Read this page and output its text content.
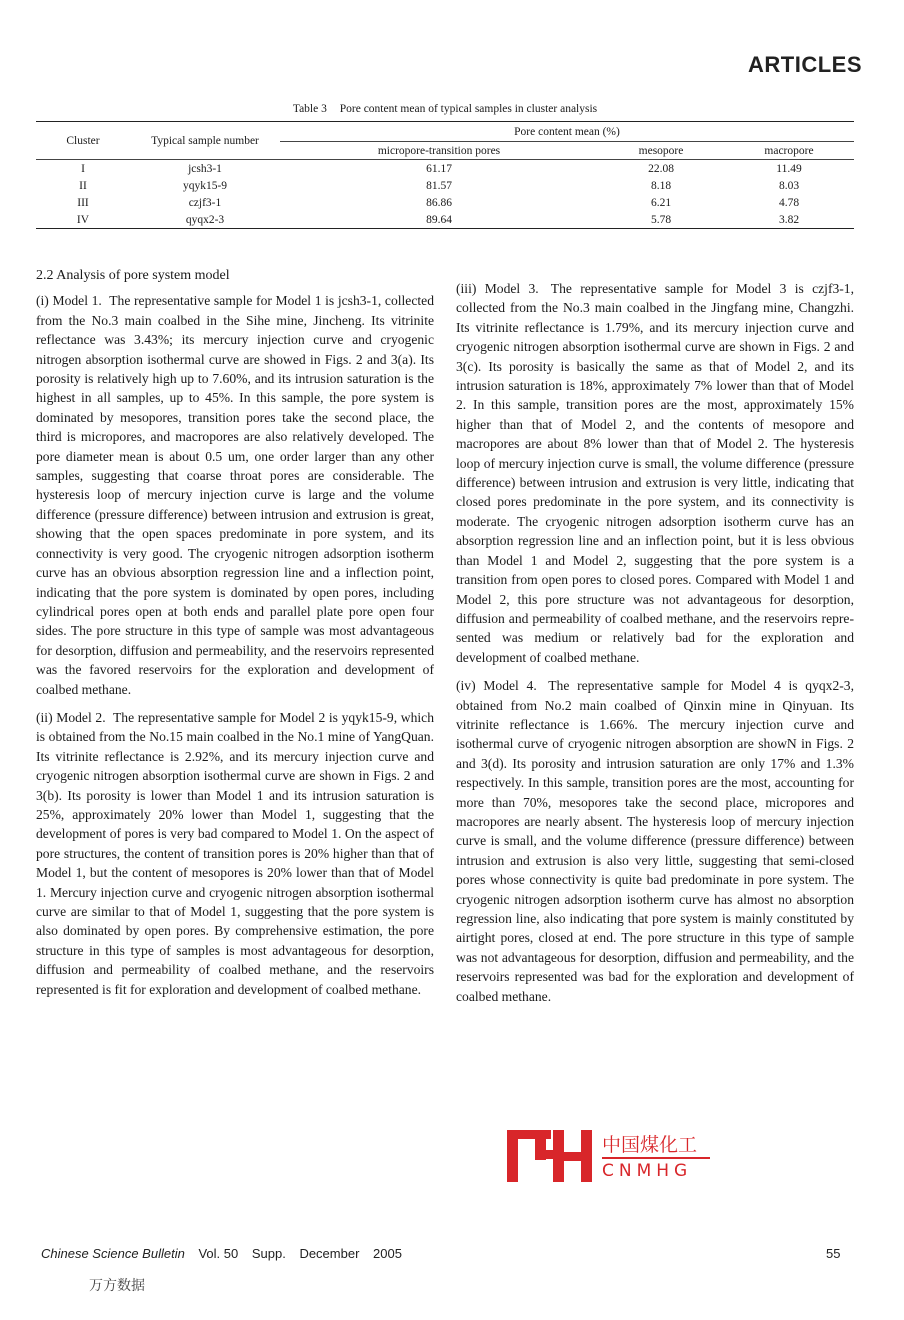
ARTICLES
Table 3 Pore content mean of typical samples in cluster analysis
Cluster	Typical sample number	Pore content mean (%)		
		micropore-transition pores	mesopore	macropore
I	jcsh3-1	61.17	22.08	11.49
II	yqyk15-9	81.57	8.18	8.03
III	czjf3-1	86.86	6.21	4.78
IV	qyqx2-3	89.64	5.78	3.82

2.2 Analysis of pore system model

(i) Model 1. The representative sample for Model 1 is jcsh3-1, collected from the No.3 main coalbed in the Sihe mine, Jincheng. Its vitrinite reflectance was 3.43%; its mercury injection curve and cryogenic nitrogen absorption isothermal curve are showed in Figs. 2 and 3(a). Its porosity is relatively high up to 7.60%, and its intrusion saturation is the highest in all samples, up to 45%. In this sample, the pore system is dominated by mesopores, transition pores take the second place, the third is micropores, and macropores are also relatively developed. The pore diameter mean is about 0.5 um, one order larger than any other samples, suggesting that coarse throat pores are considerable. The hysteresis loop of mercury injection curve is large and the volume difference (pressure difference) between intrusion and extrusion is great, showing that the open spaces predominate in pore system, and its connectivity is very good. The cryogenic nitrogen adsorption isotherm curve has an obvious absorption regression line and a inflection point, indicating that the pore system is dominated by open pores, including cylindrical pores open at both ends and parallel plate pore open four sides. The pore structure in this type of sample was most advantageous for desorption, diffusion and permeability, and the reservoirs represented was the favored reservoirs for the exploration and development of coalbed methane.

(ii) Model 2. The representative sample for Model 2 is yqyk15-9, which is obtained from the No.15 main coalbed in the No.1 mine of YangQuan. Its vitrinite reflectance is 2.92%, and its mercury injection curve and cryogenic nitrogen absorption isothermal curve are shown in Figs. 2 and 3(b). Its porosity is lower than Model 1 and its intrusion saturation is 25%, approximately 20% lower than Model 1, suggesting that the development of pores is very bad compared to Model 1. On the aspect of pore structures, the content of transition pores is 20% higher than that of Model 1, but the content of mesopores is 20% lower than that of Model 1. Mercury injection curve and cryogenic nitrogen absorption isothermal curve are similar to that of Model 1, suggesting that the pore system is also dominated by open pores. By comprehensive estimation, the pore structure in this type of samples is most advantageous for desorption, diffusion and permeability of coalbed methane, and the reservoirs represented is fit for exploration and development of coalbed methane.

(iii) Model 3. The representative sample for Model 3 is czjf3-1, collected from the No.3 main coalbed in the Jingfang mine, Changzhi. Its vitrinite reflectance is 1.79%, and its mercury injection curve and cryogenic nitrogen absorption isothermal curve are shown in Figs. 2 and 3(c). Its porosity is basically the same as that of Model 2, and its intrusion saturation is 18%, approximately 7% lower than that of Model 2. In this sample, transition pores are the most, approximately 15% higher than that of Model 2, and the contents of mesopore and macropores are about 8% lower than that of Model 2. The hysteresis loop of mercury injection curve is small, the volume difference (pressure difference) between intrusion and extrusion is very little, indicating that closed pores predominate in the pore system, and its connectivity is moderate. The cryogenic nitrogen adsorption isotherm curve has an absorption regression line and an inflection point, but it is less obvious than Model 1 and Model 2, suggesting that the pore system is a transition from open pores to closed pores. Compared with Model 1 and Model 2, this pore structure was not advantageous for desorption, diffusion and permeability of coalbed methane, and the reservoirs represented was medium or relatively bad for the exploration and development of coalbed methane.

(iv) Model 4. The representative sample for Model 4 is qyqx2-3, obtained from No.2 main coalbed of Qinxin mine in Qinyuan. Its vitrinite reflectance is 1.66%. The mercury injection curve and isothermal curve of cryogenic nitrogen absorption are showN in Figs. 2 and 3(d). Its porosity and intrusion saturation are only 17% and 1.3% respectively. In this sample, transition pores are the most, accounting for more than 70%, mesopores take the second place, micropores and macropores are nearly absent. The hysteresis loop of mercury injection curve is small, and the volume difference (pressure difference) between intrusion and extrusion is also very little, suggesting that semi-closed pores whose connectivity is quite bad predominate in pore system. The cryogenic nitrogen adsorption isotherm curve has almost no absorption regression line, also indicating that pore system is mainly constituted by airtight pores, closed at end. The pore structure in this type of sample was not advantageous for desorption, diffusion and permeability, and the reservoirs represented was bad for the exploration and development of coalbed methane.

中国煤化工
CNMHG
Chinese Science Bulletin Vol. 50 Supp. December 2005	55
万方数据
